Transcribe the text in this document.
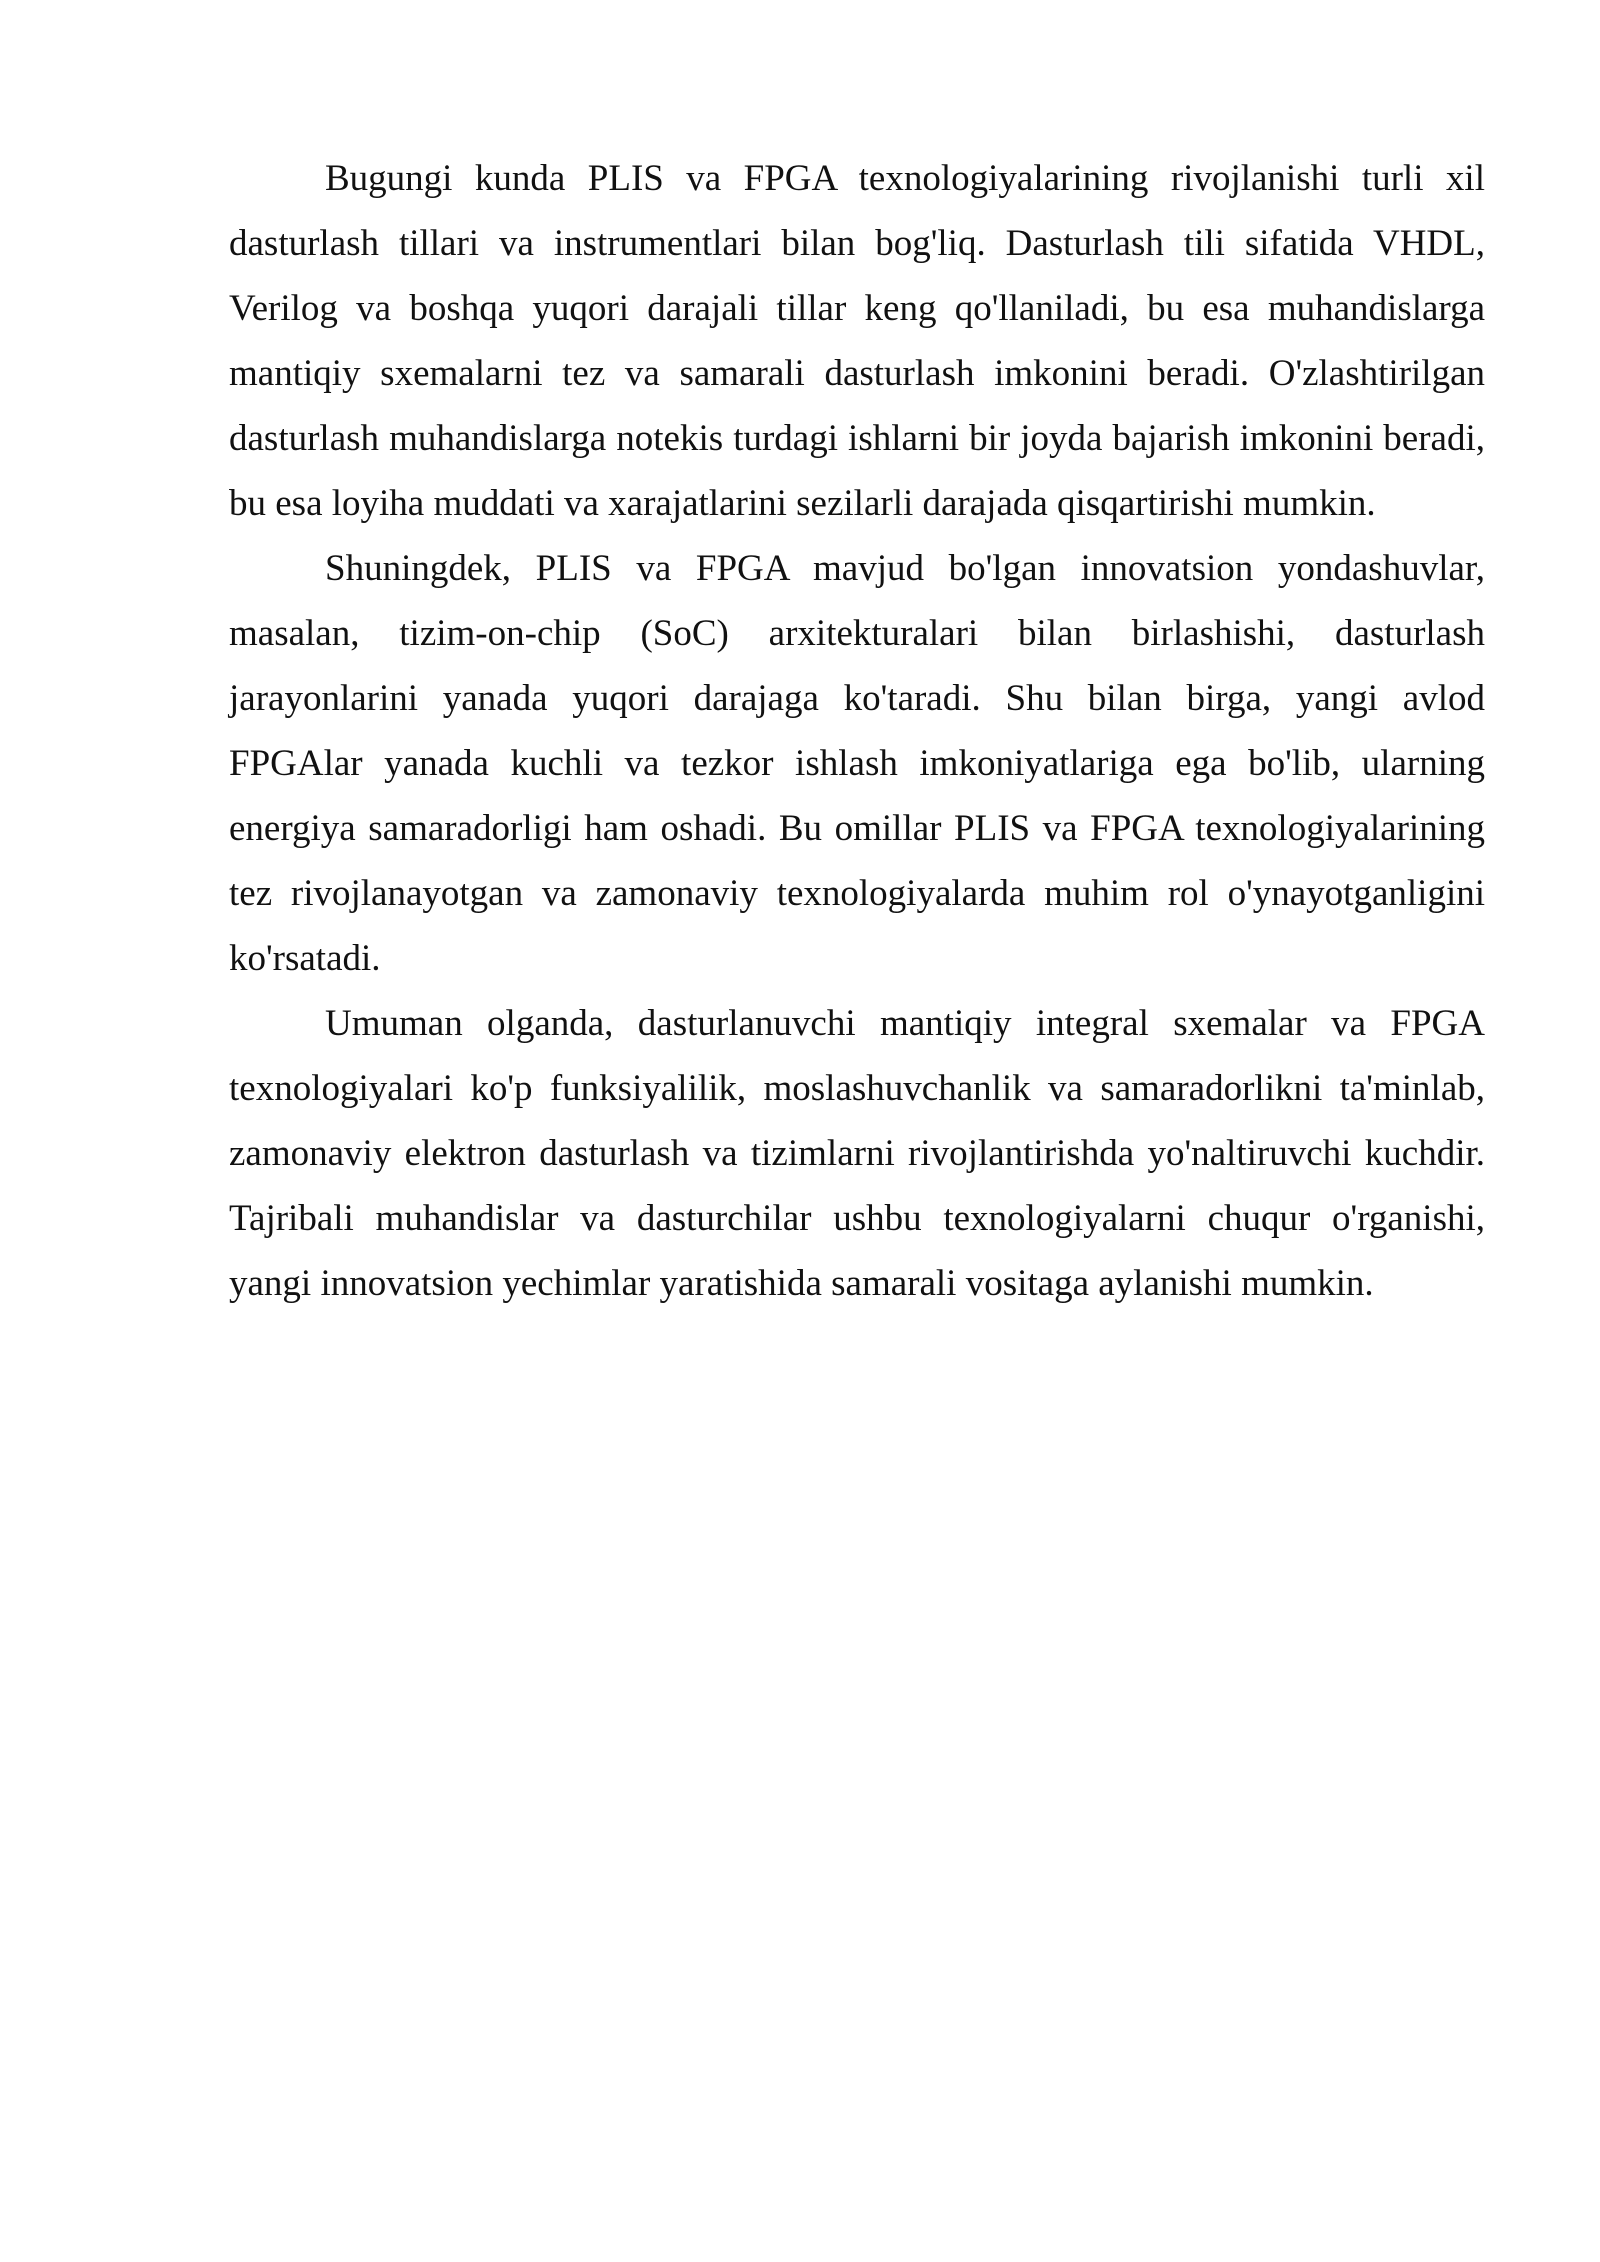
Bugungi kunda PLIS va FPGA texnologiyalarining rivojlanishi turli xil dasturlash tillari va instrumentlari bilan bog'liq. Dasturlash tili sifatida VHDL, Verilog va boshqa yuqori darajali tillar keng qo'llaniladi, bu esa muhandislarga mantiqiy sxemalarni tez va samarali dasturlash imkonini beradi. O'zlashtirilgan dasturlash muhandislarga notekis turdagi ishlarni bir joyda bajarish imkonini beradi, bu esa loyiha muddati va xarajatlarini sezilarli darajada qisqartirishi mumkin.

Shuningdek, PLIS va FPGA mavjud bo'lgan innovatsion yondashuvlar, masalan, tizim-on-chip (SoC) arxitekturalari bilan birlashishi, dasturlash jarayonlarini yanada yuqori darajaga ko'taradi. Shu bilan birga, yangi avlod FPGAlar yanada kuchli va tezkor ishlash imkoniyatlariga ega bo'lib, ularning energiya samaradorligi ham oshadi. Bu omillar PLIS va FPGA texnologiyalarining tez rivojlanayotgan va zamonaviy texnologiyalarda muhim rol o'ynayotganligini ko'rsatadi.

Umuman olganda, dasturlanuvchi mantiqiy integral sxemalar va FPGA texnologiyalari ko'p funksiyalilik, moslashuvchanlik va samaradorlikni ta'minlab, zamonaviy elektron dasturlash va tizimlarni rivojlantirishda yo'naltiruvchi kuchdir. Tajribali muhandislar va dasturchilar ushbu texnologiyalarni chuqur o'rganishi, yangi innovatsion yechimlar yaratishida samarali vositaga aylanishi mumkin.
